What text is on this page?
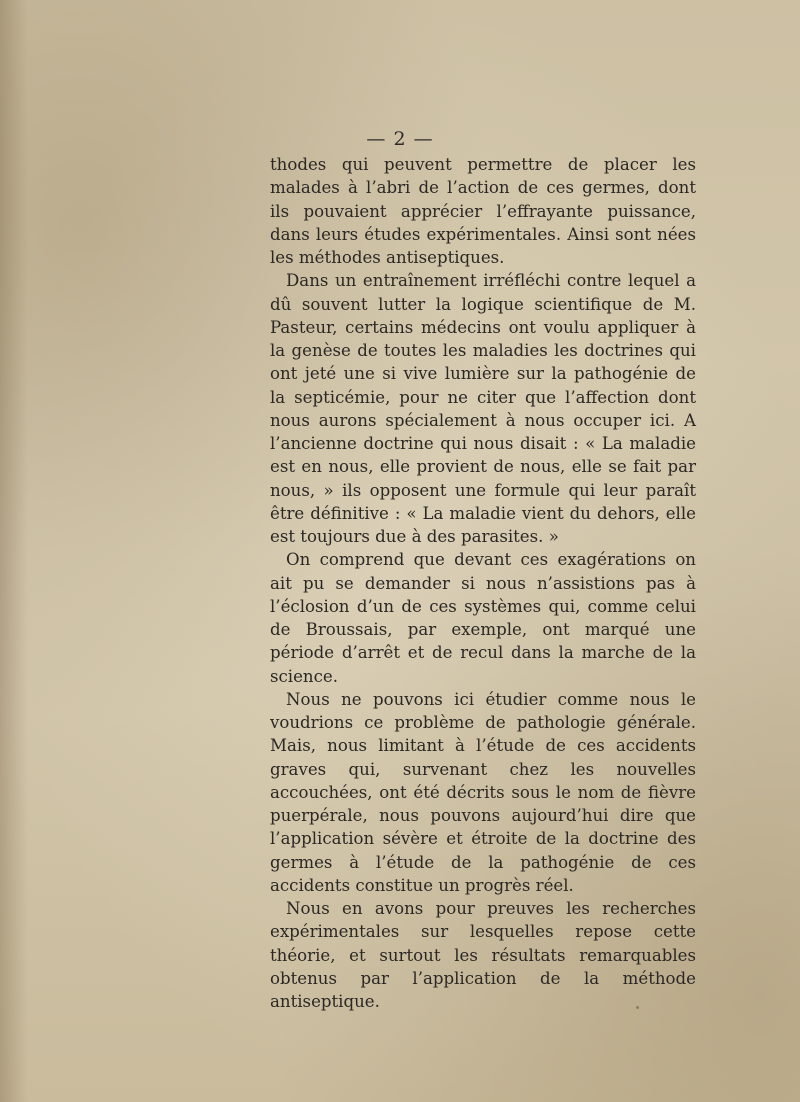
— 2 —

thodes qui peuvent permettre de placer les malades à l’abri de l’action de ces germes, dont ils pouvaient apprécier l’effrayante puissance, dans leurs études expérimentales. Ainsi sont nées les méthodes antiseptiques.

Dans un entraînement irréfléchi contre lequel a dû souvent lutter la logique scientifique de M. Pasteur, certains médecins ont voulu appliquer à la genèse de toutes les maladies les doctrines qui ont jeté une si vive lumière sur la pathogénie de la septicémie, pour ne citer que l’affection dont nous aurons spécialement à nous occuper ici. A l’ancienne doctrine qui nous disait : « La maladie est en nous, elle provient de nous, elle se fait par nous, » ils opposent une formule qui leur paraît être définitive : « La maladie vient du dehors, elle est toujours due à des parasites. »

On comprend que devant ces exagérations on ait pu se demander si nous n’assistions pas à l’éclosion d’un de ces systèmes qui, comme celui de Broussais, par exemple, ont marqué une période d’arrêt et de recul dans la marche de la science.

Nous ne pouvons ici étudier comme nous le voudrions ce problème de pathologie générale. Mais, nous limitant à l’étude de ces accidents graves qui, survenant chez les nouvelles accouchées, ont été décrits sous le nom de fièvre puerpérale, nous pouvons aujourd’hui dire que l’application sévère et étroite de la doctrine des germes à l’étude de la pathogénie de ces accidents constitue un progrès réel.

Nous en avons pour preuves les recherches expérimentales sur lesquelles repose cette théorie, et surtout les résultats remarquables obtenus par l’application de la méthode antiseptique.
